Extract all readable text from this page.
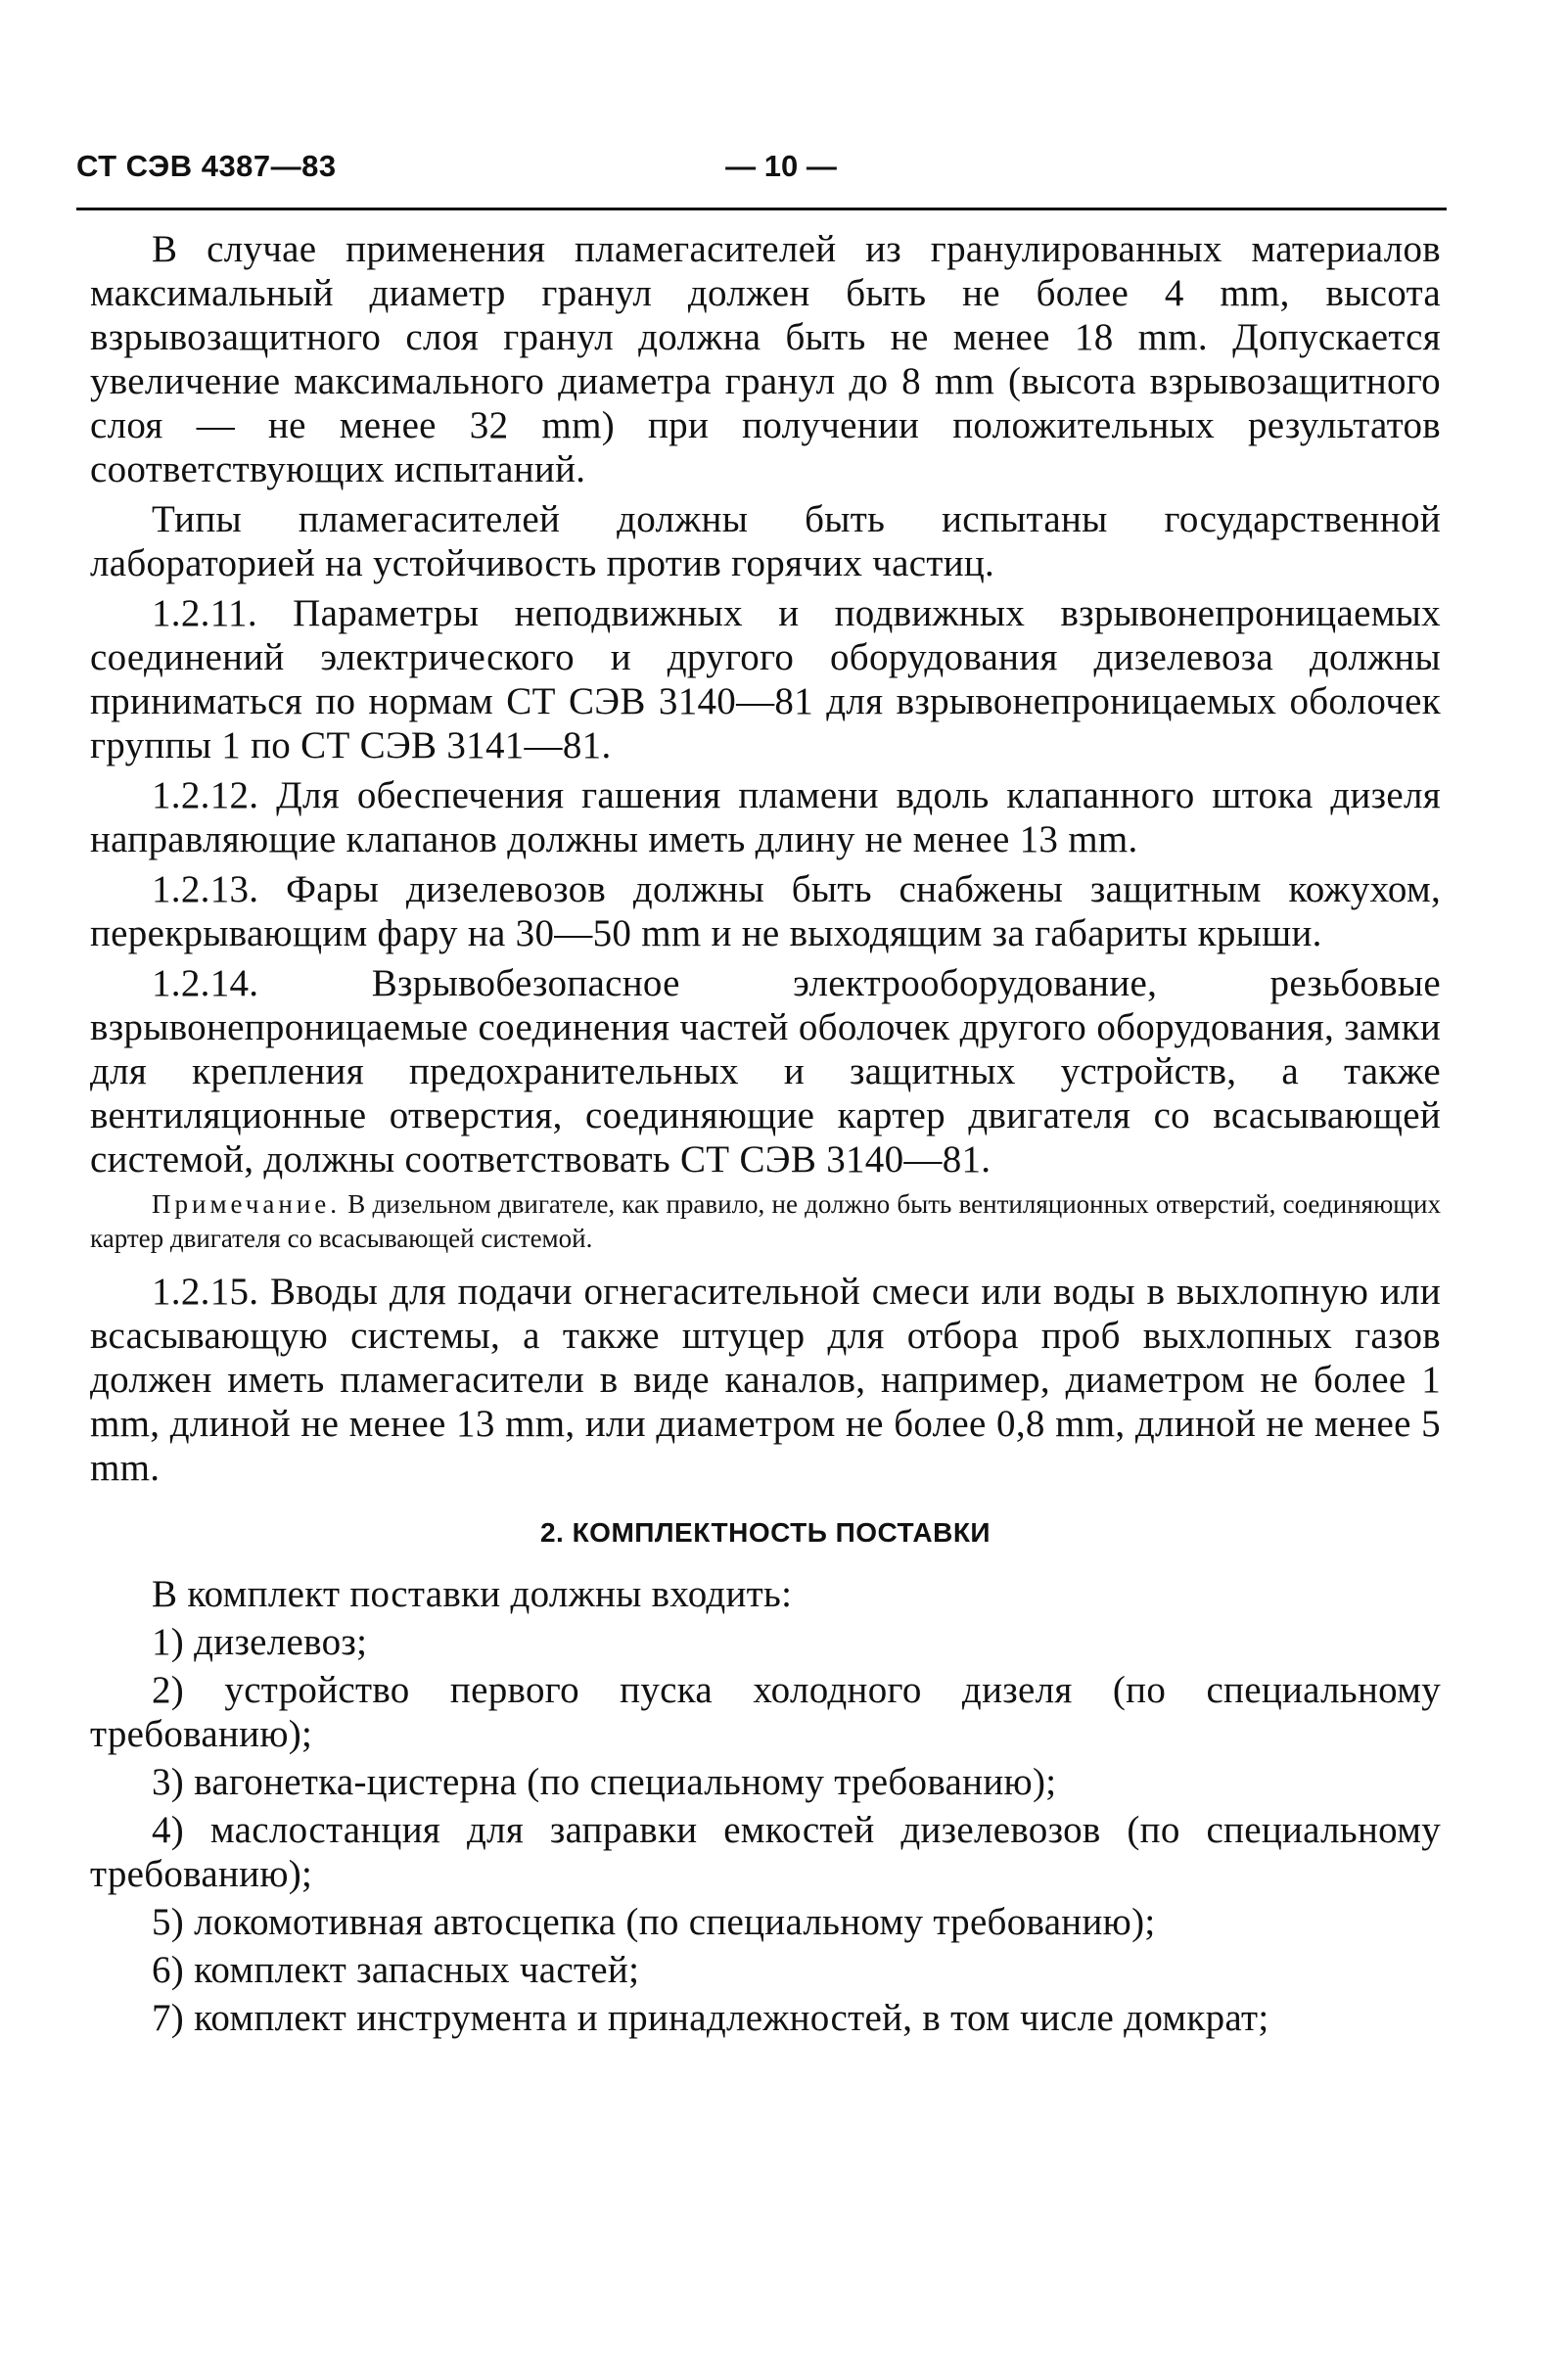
СТ СЭВ 4387—83	— 10 —

В случае применения пламегасителей из гранулированных материалов максимальный диаметр гранул должен быть не более 4 mm, высота взрывозащитного слоя гранул должна быть не менее 18 mm. Допускается увеличение максимального диаметра гранул до 8 mm (высота взрывозащитного слоя — не менее 32 mm) при получении положительных результатов соответствующих испытаний.

Типы пламегасителей должны быть испытаны государственной лабораторией на устойчивость против горячих частиц.

1.2.11. Параметры неподвижных и подвижных взрывонепроницаемых соединений электрического и другого оборудования дизелевоза должны приниматься по нормам СТ СЭВ 3140—81 для взрывонепроницаемых оболочек группы 1 по СТ СЭВ 3141—81.

1.2.12. Для обеспечения гашения пламени вдоль клапанного штока дизеля направляющие клапанов должны иметь длину не менее 13 mm.

1.2.13. Фары дизелевозов должны быть снабжены защитным кожухом, перекрывающим фару на 30—50 mm и не выходящим за габариты крыши.

1.2.14. Взрывобезопасное электрооборудование, резьбовые взрывонепроницаемые соединения частей оболочек другого оборудования, замки для крепления предохранительных и защитных устройств, а также вентиляционные отверстия, соединяющие картер двигателя со всасывающей системой, должны соответствовать СТ СЭВ 3140—81.

Примечание. В дизельном двигателе, как правило, не должно быть вентиляционных отверстий, соединяющих картер двигателя со всасывающей системой.

1.2.15. Вводы для подачи огнегасительной смеси или воды в выхлопную или всасывающую системы, а также штуцер для отбора проб выхлопных газов должен иметь пламегасители в виде каналов, например, диаметром не более 1 mm, длиной не менее 13 mm, или диаметром не более 0,8 mm, длиной не менее 5 mm.

2. КОМПЛЕКТНОСТЬ ПОСТАВКИ

В комплект поставки должны входить:

1) дизелевоз;

2) устройство первого пуска холодного дизеля (по специальному требованию);

3) вагонетка-цистерна (по специальному требованию);

4) маслостанция для заправки емкостей дизелевозов (по специальному требованию);

5) локомотивная автосцепка (по специальному требованию);

6) комплект запасных частей;

7) комплект инструмента и принадлежностей, в том числе домкрат;
